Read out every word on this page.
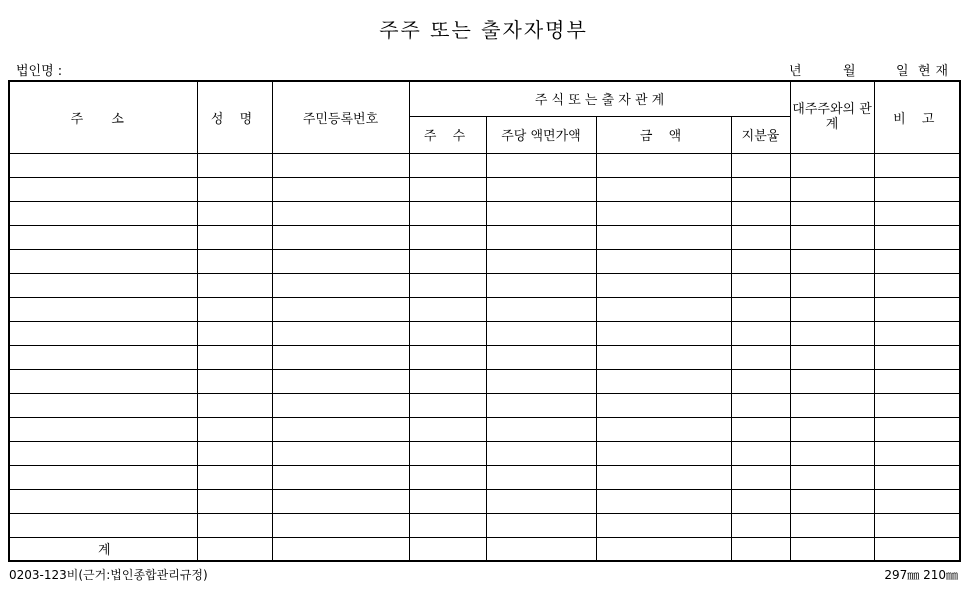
주주 또는 출자자명부
법인명 :	년	월	일 현재
주 소	성 명	주민등록번호	주 식 또 는 출 자 관 계				대주주와의 관 계	비 고
			주 수	주당 액면가액	금 액	지분율		

계								
0203-123비(근거:법인종합관리규정)	297㎜ 210㎜
